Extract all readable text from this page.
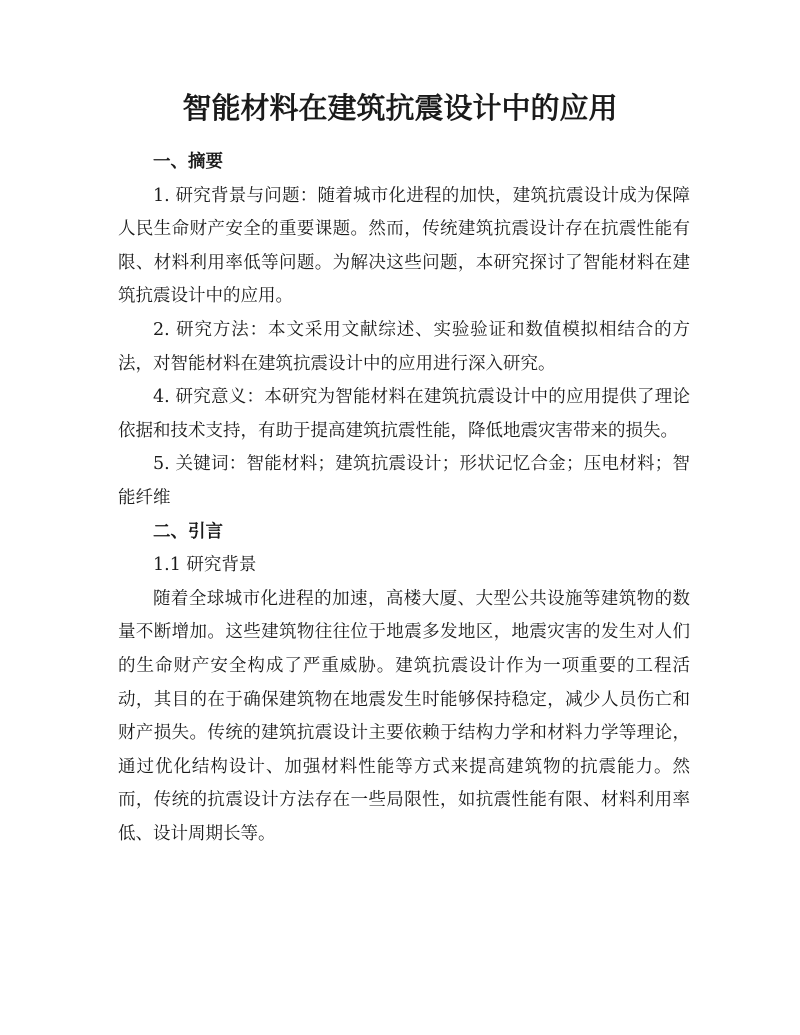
智能材料在建筑抗震设计中的应用
一、摘要

1. 研究背景与问题：随着城市化进程的加快，建筑抗震设计成为保障人民生命财产安全的重要课题。然而，传统建筑抗震设计存在抗震性能有限、材料利用率低等问题。为解决这些问题，本研究探讨了智能材料在建筑抗震设计中的应用。

2. 研究方法：本文采用文献综述、实验验证和数值模拟相结合的方法，对智能材料在建筑抗震设计中的应用进行深入研究。

4. 研究意义：本研究为智能材料在建筑抗震设计中的应用提供了理论依据和技术支持，有助于提高建筑抗震性能，降低地震灾害带来的损失。

5. 关键词：智能材料；建筑抗震设计；形状记忆合金；压电材料；智能纤维

二、引言
1.1 研究背景

随着全球城市化进程的加速，高楼大厦、大型公共设施等建筑物的数量不断增加。这些建筑物往往位于地震多发地区，地震灾害的发生对人们的生命财产安全构成了严重威胁。建筑抗震设计作为一项重要的工程活动，其目的在于确保建筑物在地震发生时能够保持稳定，减少人员伤亡和财产损失。传统的建筑抗震设计主要依赖于结构力学和材料力学等理论，通过优化结构设计、加强材料性能等方式来提高建筑物的抗震能力。然而，传统的抗震设计方法存在一些局限性，如抗震性能有限、材料利用率低、设计周期长等。
